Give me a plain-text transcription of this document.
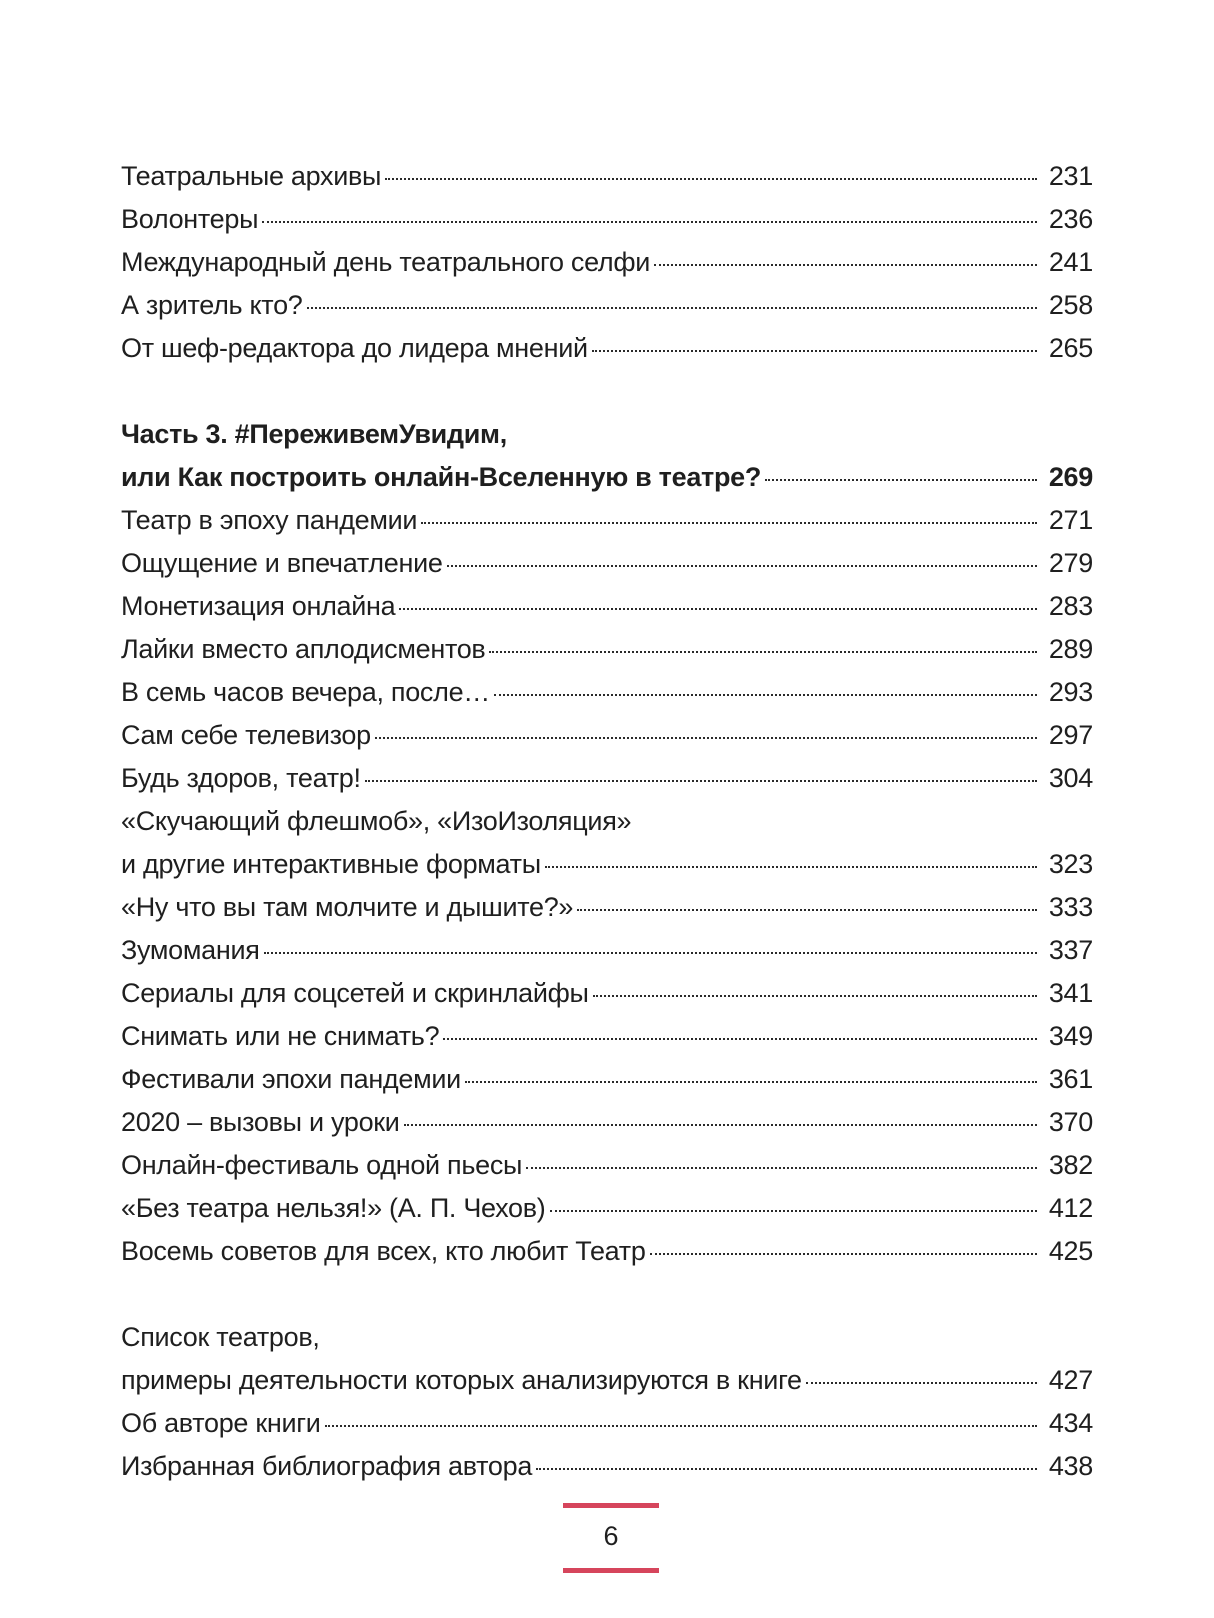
Театральные архивы	231
Волонтеры	236
Международный день театрального селфи	241
А зритель кто?	258
От шеф-редактора до лидера мнений	265
Часть 3. #ПереживемУвидим,
или Как построить онлайн-Вселенную в театре?	269
Театр в эпоху пандемии	271
Ощущение и впечатление	279
Монетизация онлайна	283
Лайки вместо аплодисментов	289
В семь часов вечера, после…	293
Сам себе телевизор	297
Будь здоров, театр!	304
«Скучающий флешмоб», «ИзоИзоляция»
и другие интерактивные форматы	323
«Ну что вы там молчите и дышите?»	333
Зумомания	337
Сериалы для соцсетей и скринлайфы	341
Снимать или не снимать?	349
Фестивали эпохи пандемии	361
2020 – вызовы и уроки	370
Онлайн-фестиваль одной пьесы	382
«Без театра нельзя!» (А. П. Чехов)	412
Восемь советов для всех, кто любит Театр	425
Список театров,
примеры деятельности которых анализируются в книге	427
Об авторе книги	434
Избранная библиография автора	438
6
